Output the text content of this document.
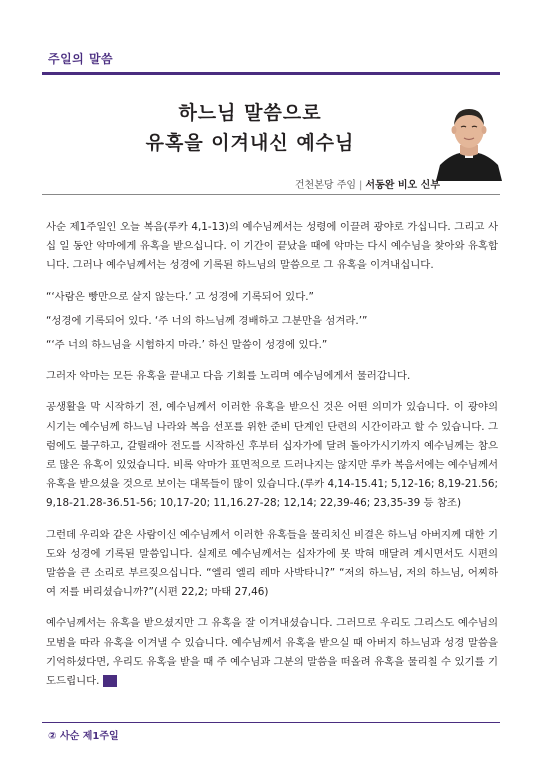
주일의 말씀
하느님 말씀으로
유혹을 이겨내신 예수님
건천본당 주임 | 서동완 비오 신부

사순 제1주일인 오늘 복음(루카 4,1-13)의 예수님께서는 성령에 이끌려 광야로 가십니다. 그리고 사십 일 동안 악마에게 유혹을 받으십니다. 이 기간이 끝났을 때에 악마는 다시 예수님을 찾아와 유혹합니다. 그러나 예수님께서는 성경에 기록된 하느님의 말씀으로 그 유혹을 이겨내십니다.

“‘사람은 빵만으로 살지 않는다.’ 고 성경에 기록되어 있다.”

“성경에 기록되어 있다. ‘주 너의 하느님께 경배하고 그분만을 섬겨라.’”

“‘주 너의 하느님을 시험하지 마라.’ 하신 말씀이 성경에 있다.”

그러자 악마는 모든 유혹을 끝내고 다음 기회를 노리며 예수님에게서 물러갑니다.

공생활을 막 시작하기 전, 예수님께서 이러한 유혹을 받으신 것은 어떤 의미가 있습니다. 이 광야의 시기는 예수님께 하느님 나라와 복음 선포를 위한 준비 단계인 단련의 시간이라고 할 수 있습니다. 그럼에도 불구하고, 갈릴래아 전도를 시작하신 후부터 십자가에 달려 돌아가시기까지 예수님께는 참으로 많은 유혹이 있었습니다. 비록 악마가 표면적으로 드러나지는 않지만 루카 복음서에는 예수님께서 유혹을 받으셨을 것으로 보이는 대목들이 많이 있습니다.(루카 4,14-15.41; 5,12-16; 8,19-21.56; 9,18-21.28-36.51-56; 10,17-20; 11,16.27-28; 12,14; 22,39-46; 23,35-39 등 참조)

그런데 우리와 같은 사람이신 예수님께서 이러한 유혹들을 물리치신 비결은 하느님 아버지께 대한 기도와 성경에 기록된 말씀입니다. 실제로 예수님께서는 십자가에 못 박혀 매달려 계시면서도 시편의 말씀을 큰 소리로 부르짖으십니다. “엘리 엘리 레마 사박타니?” “저의 하느님, 저의 하느님, 어찌하여 저를 버리셨습니까?”(시편 22,2; 마태 27,46)

예수님께서는 유혹을 받으셨지만 그 유혹을 잘 이겨내셨습니다. 그러므로 우리도 그리스도 예수님의 모범을 따라 유혹을 이겨낼 수 있습니다. 예수님께서 유혹을 받으실 때 아버지 하느님과 성경 말씀을 기억하셨다면, 우리도 유혹을 받을 때 주 예수님과 그분의 말씀을 떠올려 유혹을 물리칠 수 있기를 기도드립니다.

② 사순 제1주일
